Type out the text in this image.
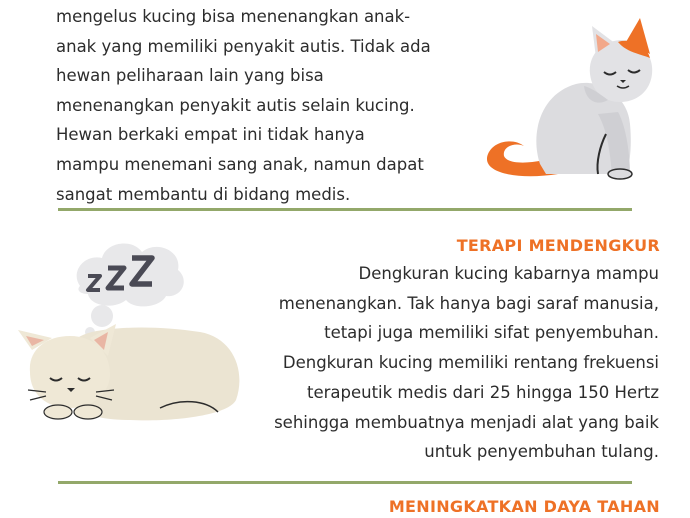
mengelus kucing bisa menenangkan anak-
anak yang memiliki penyakit autis. Tidak ada
hewan peliharaan lain yang bisa
menenangkan penyakit autis selain kucing.
Hewan berkaki empat ini tidak hanya
mampu menemani sang anak, namun dapat
sangat membantu di bidang medis.
TERAPI MENDENGKUR
Dengkuran kucing kabarnya mampu
menenangkan. Tak hanya bagi saraf manusia,
tetapi juga memiliki sifat penyembuhan.
Dengkuran kucing memiliki rentang frekuensi
terapeutik medis dari 25 hingga 150 Hertz
sehingga membuatnya menjadi alat yang baik
untuk penyembuhan tulang.
MENINGKATKAN DAYA TAHAN
